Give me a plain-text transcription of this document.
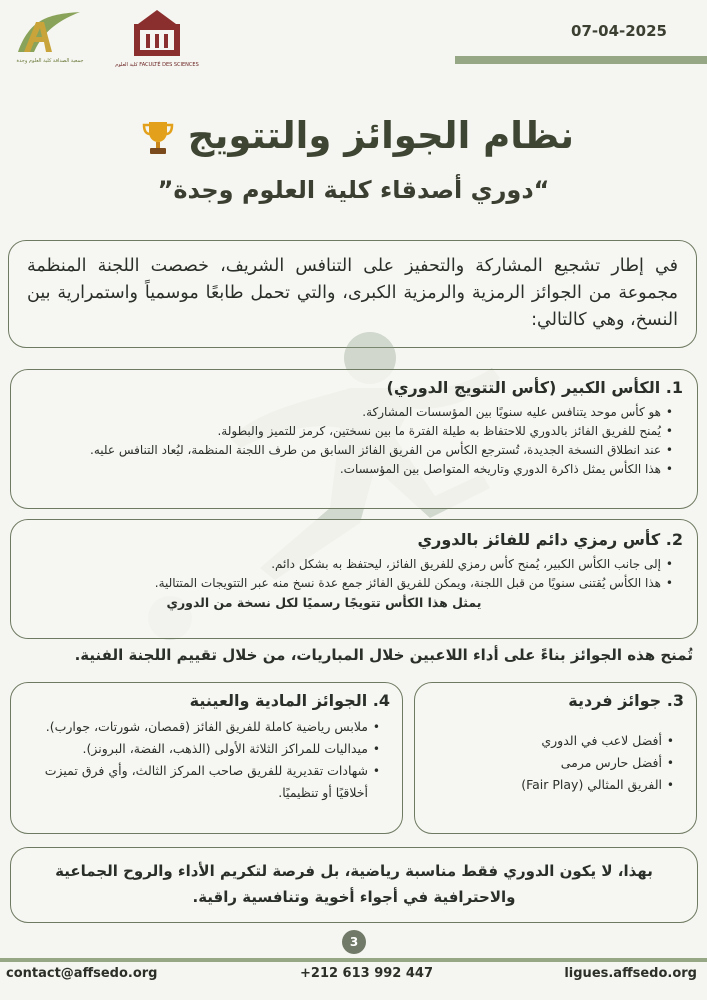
جمعية الصداقة كلية العلوم وجدة
كلية العلوم FACULTÉ DES SCIENCES
07-04-2025
نظام الجوائز والتتويج
“دوري أصدقاء كلية العلوم وجدة”

في إطار تشجيع المشاركة والتحفيز على التنافس الشريف، خصصت اللجنة المنظمة مجموعة من الجوائز الرمزية والرمزية الكبرى، والتي تحمل طابعًا موسمياً واستمرارية بين النسخ، وهي كالتالي:

1. الكأس الكبير (كأس التتويج الدوري)
• هو كأس موحد يتنافس عليه سنويًا بين المؤسسات المشاركة.
• يُمنح للفريق الفائز بالدوري للاحتفاظ به طيلة الفترة ما بين نسختين، كرمز للتميز والبطولة.
• عند انطلاق النسخة الجديدة، تُسترجع الكأس من الفريق الفائز السابق من طرف اللجنة المنظمة، ليُعاد التنافس عليه.
• هذا الكأس يمثل ذاكرة الدوري وتاريخه المتواصل بين المؤسسات.
2. كأس رمزي دائم للفائز بالدوري
• إلى جانب الكأس الكبير، يُمنح كأس رمزي للفريق الفائز، ليحتفظ به بشكل دائم.
• هذا الكأس يُقتنى سنويًا من قبل اللجنة، ويمكن للفريق الفائز جمع عدة نسخ منه عبر التتويجات المتتالية.
يمثل هذا الكأس تتويجًا رسميًا لكل نسخة من الدوري
تُمنح هذه الجوائز بناءً على أداء اللاعبين خلال المباريات، من خلال تقييم اللجنة الفنية.
3. جوائز فردية
• أفضل لاعب في الدوري
• أفضل حارس مرمى
• الفريق المثالي (Fair Play)
4. الجوائز المادية والعينية
• ملابس رياضية كاملة للفريق الفائز (قمصان، شورتات، جوارب).
• ميداليات للمراكز الثلاثة الأولى (الذهب، الفضة، البرونز).
• شهادات تقديرية للفريق صاحب المركز الثالث، وأي فرق تميزت أخلاقيًا أو تنظيميًا.

بهذا، لا يكون الدوري فقط مناسبة رياضية، بل فرصة لتكريم الأداء والروح الجماعية والاحترافية في أجواء أخوية وتنافسية راقية.

3
contact@affsedo.org	+212 613 992 447	ligues.affsedo.org
